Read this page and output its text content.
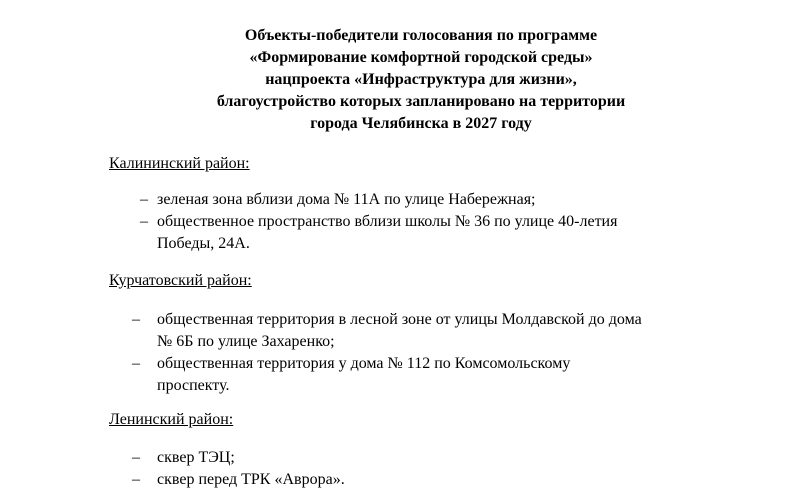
Объекты-победители голосования по программе
«Формирование комфортной городской среды»
нацпроекта «Инфраструктура для жизни»,
благоустройство которых запланировано на территории
города Челябинска в 2027 году

Калининский район:

– зеленая зона вблизи дома № 11А по улице Набережная;
– общественное пространство вблизи школы № 36 по улице 40-летия
Победы, 24А.

Курчатовский район:

– общественная территория в лесной зоне от улицы Молдавской до дома
№ 6Б по улице Захаренко;
– общественная территория у дома № 112 по Комсомольскому
проспекту.

Ленинский район:

– сквер ТЭЦ;
– сквер перед ТРК «Аврора».
